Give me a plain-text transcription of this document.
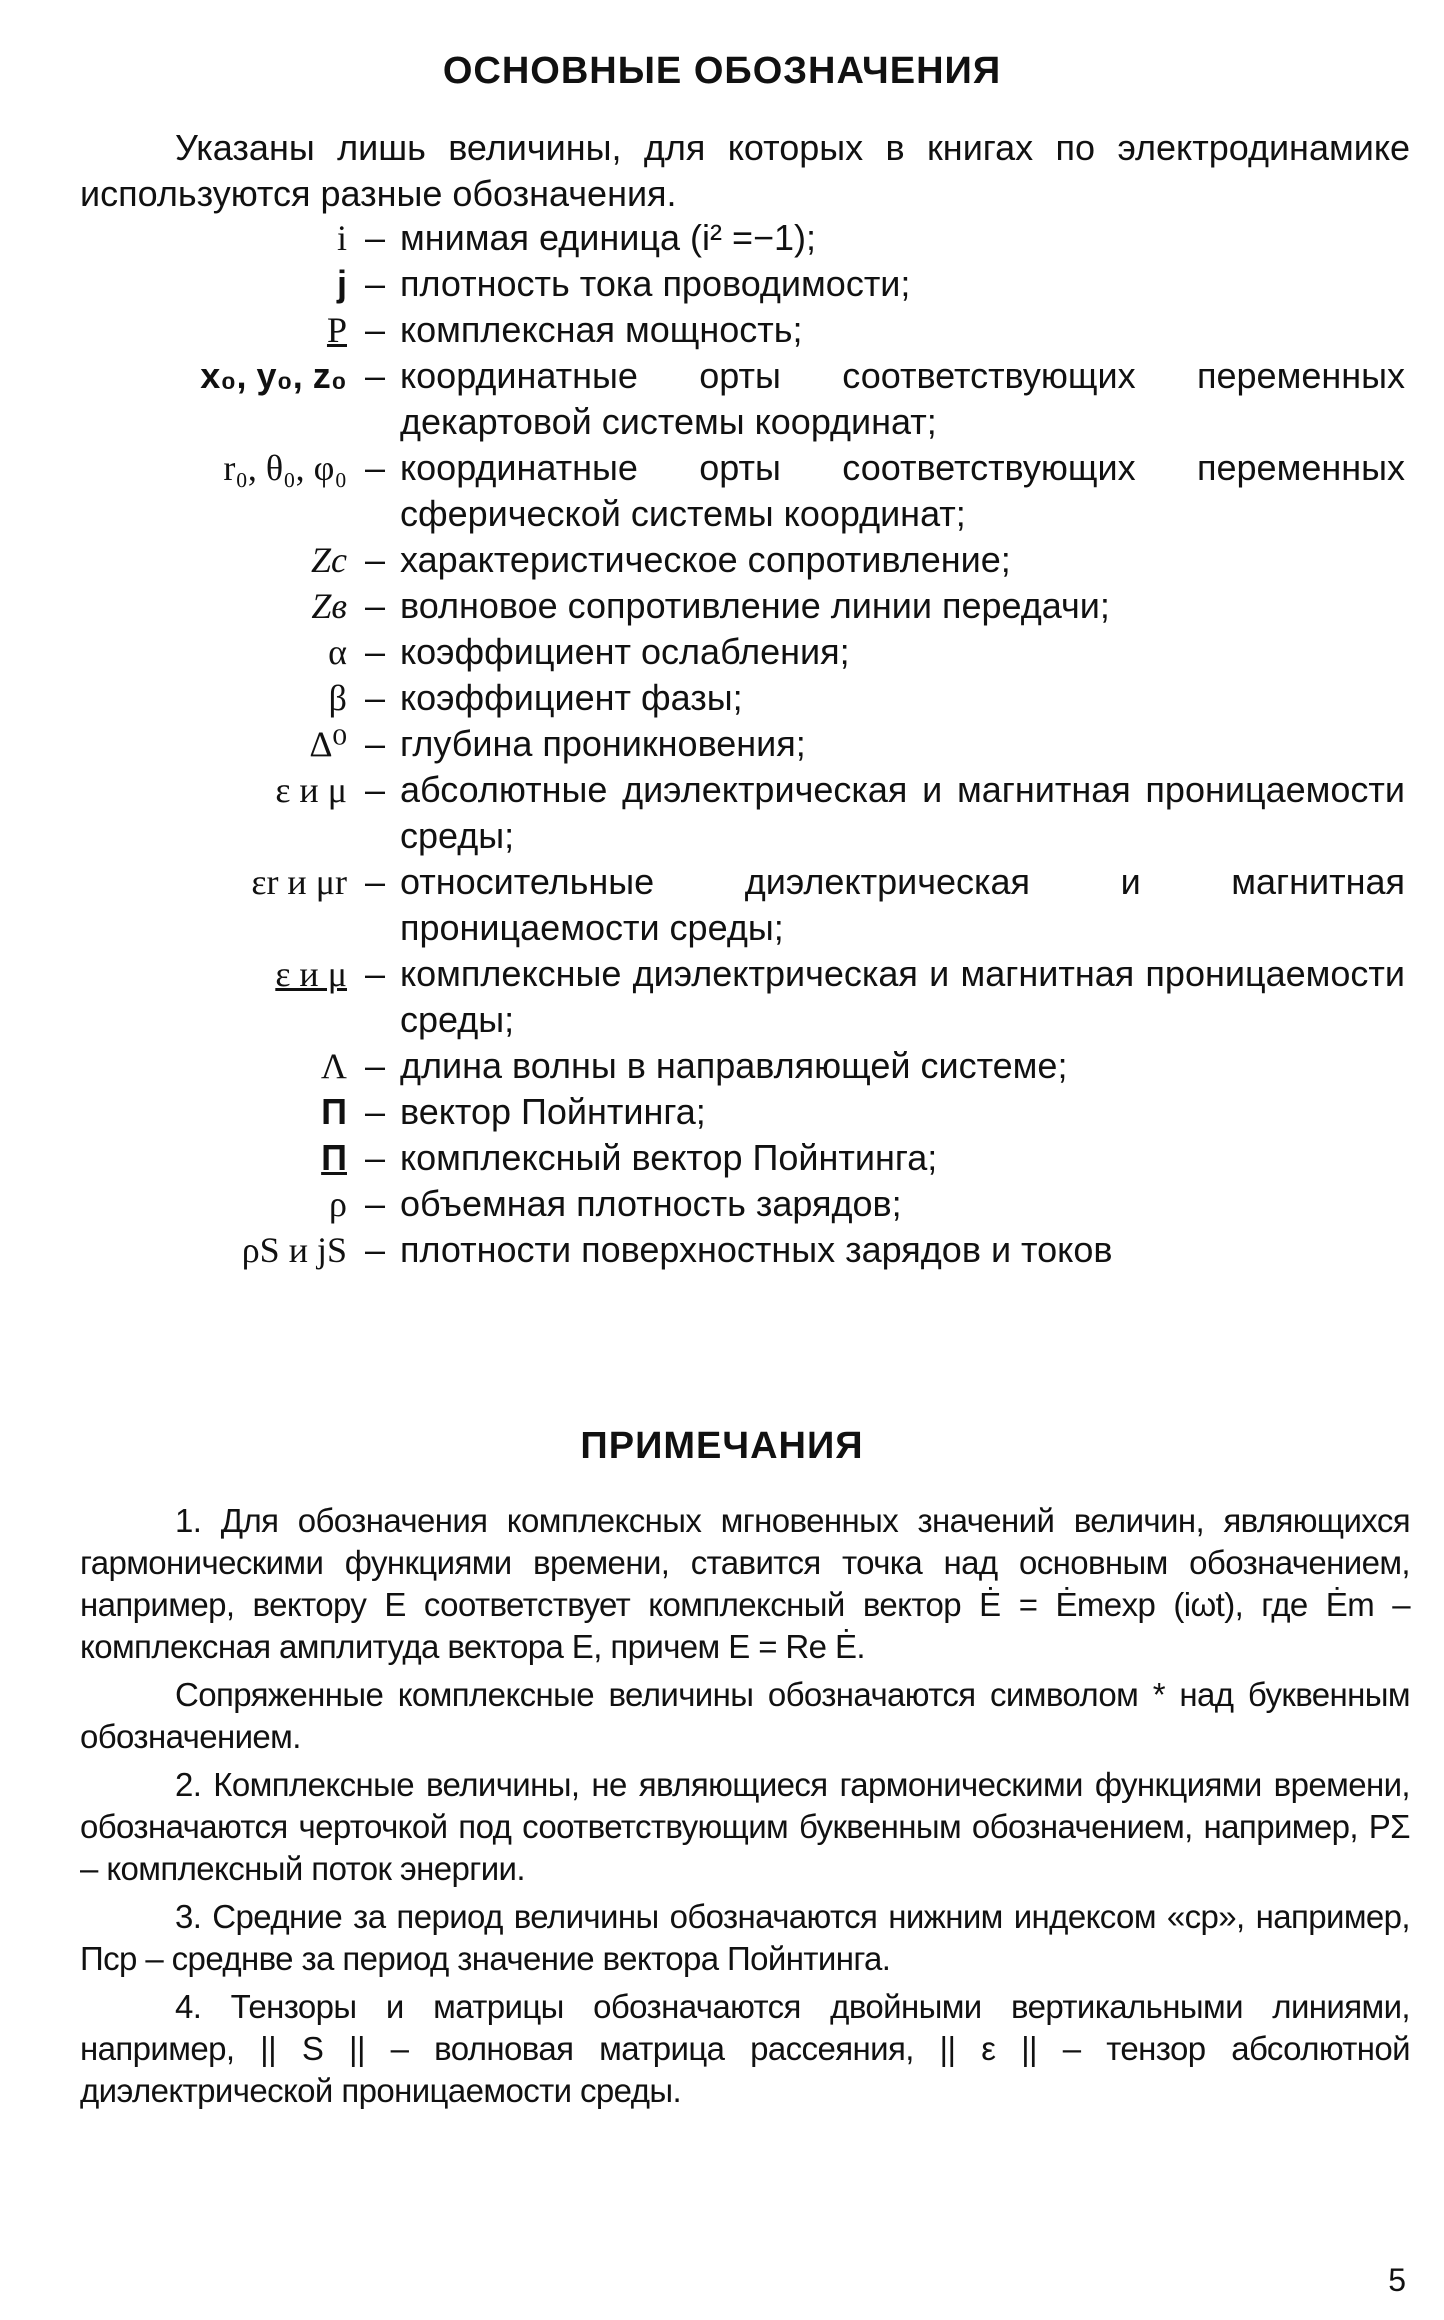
ОСНОВНЫЕ ОБОЗНАЧЕНИЯ

Указаны лишь величины, для которых в книгах по электродинамике используются разные обозначения.

i – мнимая единица (i² =−1);
j – плотность тока проводимости;
P – комплексная мощность;
x₀, y₀, z₀ – координатные орты соответствующих переменных декартовой системы координат;
r₀, θ₀, φ₀ – координатные орты соответствующих переменных сферической системы координат;
Zc – характеристическое сопротивление;
Zв – волновое сопротивление линии передачи;
α – коэффициент ослабления;
β – коэффициент фазы;
Δ⁰ – глубина проникновения;
ε и μ – абсолютные диэлектрическая и магнитная проницаемости среды;
εr и μr – относительные диэлектрическая и магнитная проницаемости среды;
ε и μ – комплексные диэлектрическая и магнитная проницаемости среды;
Λ – длина волны в направляющей системе;
П – вектор Пойнтинга;
П – комплексный вектор Пойнтинга;
ρ – объемная плотность зарядов;
ρS и jS – плотности поверхностных зарядов и токов
ПРИМЕЧАНИЯ

1. Для обозначения комплексных мгновенных значений величин, являющихся гармоническими функциями времени, ставится точка над основным обозначением, например, вектору E соответствует комплексный вектор Ė = Ėmexp (iωt), где Ėm – комплексная амплитуда вектора E, причем E = Re Ė.

Сопряженные комплексные величины обозначаются символом * над буквенным обозначением.

2. Комплексные величины, не являющиеся гармоническими функциями времени, обозначаются черточкой под соответствующим буквенным обозначением, например, PΣ – комплексный поток энергии.

3. Средние за период величины обозначаются нижним индексом «ср», например, Пср – среднве за период значение вектора Пойнтинга.

4. Тензоры и матрицы обозначаются двойными вертикальными линиями, например, || S || – волновая матрица рассеяния, || ε || – тензор абсолютной диэлектрической проницаемости среды.

5
